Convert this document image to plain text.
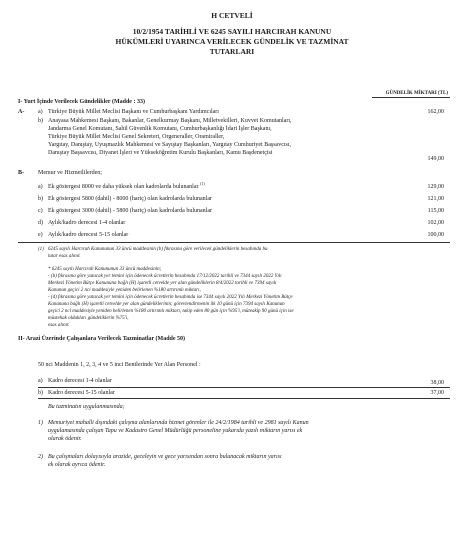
H CETVELİ
10/2/1954 TARİHLİ VE 6245 SAYILI HARCIRAH KANUNU
HÜKÜMLERİ UYARINCA VERİLECEK GÜNDELİK VE TAZMİNAT
TUTARLARI
GÜNDELİK MİKTARI (TL)
I- Yurt İçinde Verilecek Gündelikler (Madde : 33)
A- a) Türkiye Büyük Millet Meclisi Başkanı ve Cumhurbaşkanı Yardımcıları	162,00
b) Anayasa Mahkemesi Başkanı, Bakanlar, Genelkurmay Başkanı, Milletvekilleri, Kuvvet Komutanları,
Jandarma Genel Komutanı, Sahil Güvenlik Komutanı, Cumhurbaşkanlığı İdari İşler Başkanı,
Türkiye Büyük Millet Meclisi Genel Sekreteri, Orgeneraller, Oramiraller,
Yargıtay, Danıştay, Uyuşmazlık Mahkemesi ve Sayıştay Başkanları, Yargıtay Cumhuriyet Başsavcısı,
Danıştay Başsavcısı, Diyanet İşleri ve Yükseköğretim Kurulu Başkanları, Kamu Başdenetçisi
149,00
B- Memur ve Hizmetlilerden;
a) Ek göstergesi 8000 ve daha yüksek olan kadrolarda bulunanlar $^{(1)}$
129,00
b) Ek göstergesi 5800 (dahil) - 8000 (hariç) olan kadrolarda bulunanlar	121,00
c) Ek göstergesi 3000 (dahil) - 5800 (hariç) olan kadrolarda bulunanlar	115,00
d) Aylık/kadro derecesi 1-4 olanlar	102,00
e) Aylık/kadro derecesi 5-15 olanlar	100,00
(1) 6245 sayılı Harcırah Kanununun 33 üncü maddesinin (b) fıkrasına göre verilecek gündeliklerin hesabında bu
tutar esas alınır.
* 6245 sayılı Harcırah Kanununun 33 üncü maddesinin;
- (b) fıkrasına göre yatacak yer temini için ödenecek ücretlerin hesabında 17/12/2022 tarihli ve 7344 sayılı 2022 Yılı
Merkezi Yönetim Bütçe Kanununa bağlı (H) işaretli cetvelde yer alan gündeliklerin 8/4/2022 tarihli ve 7394 sayılı
Kanunun geçici 2 nci maddesiyle yeniden belirlenen %180 artırımlı miktarı,
- (d) fıkrasına göre yatacak yer temini için ödenecek ücretlerin hesabında ise 7344 sayılı 2022 Yılı Merkezi Yönetim Bütçe
Kanununa bağlı (H) işaretli cetvelde yer alan gündeliklerinin; görevlendirmenin ilk 10 günü için 7394 sayılı Kanunun
geçici 2 nci maddesiyle yeniden belirlenen %180 artırımlı miktarı, takip eden 80 gün için %95'i, müteakip 90 günü için ise
müstehak oldukları gündeliklerin %75'i,
esas alınır.
II- Arazi Üzerinde Çalışanlara Verilecek Tazminatlar (Madde 50)
50 nci Maddenin 1, 2, 3, 4 ve 5 inci Bentlerinde Yer Alan Personel :
a) Kadro derecesi 1-4 olanlar	38,00
b) Kadro derecesi 5-15 olanlar	37,00
Bu tazminatın uygulanmasında;
1) Memuriyet mahalli dışındaki çalışma alanlarında hizmet görenler ile 24/2/1984 tarihli ve 2981 sayılı Kanun
uygulamasında çalışan Tapu ve Kadastro Genel Müdürlüğü personeline yukarıda yazılı miktarın yarısı ek
olarak ödenir.
2) Bu çalışmaları dolayısıyla arazide, geceleyin ve gece yarısından sonra bulunacak miktarın yarısı
ek olarak ayrıca ödenir.
